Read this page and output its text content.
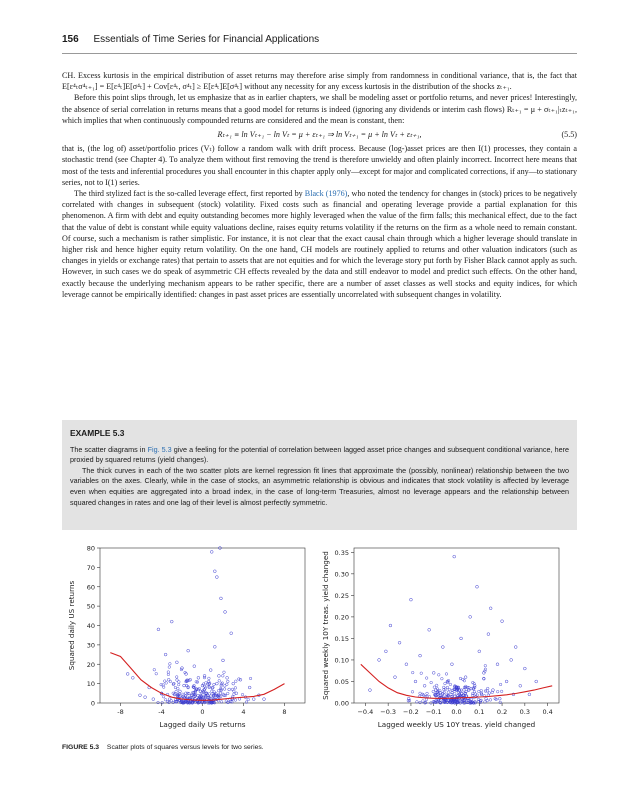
156 Essentials of Time Series for Financial Applications

CH. Excess kurtosis in the empirical distribution of asset returns may therefore arise simply from randomness in conditional variance, that is, the fact that E[ε⁴ₜσ⁴ₜ₊₁] = E[ε⁴ₜ]E[σ⁴ₜ] + Cov[ε⁴ₜ, σ⁴ₜ] ≥ E[ε⁴ₜ]E[σ⁴ₜ] without any necessity for any excess kurtosis in the distribution of the shocks zₜ₊₁.

Before this point slips through, let us emphasize that as in earlier chapters, we shall be modeling asset or portfolio returns, and never prices! Interestingly, the absence of serial correlation in returns means that a good model for returns is indeed (ignoring any dividends or interim cash flows) Rₜ₊₁ = μ + σₜ₊₁|ₜzₜ₊₁, which implies that when continuously compounded returns are considered and the mean is constant, then:

Rₜ₊₁ ≡ ln Vₜ₊₁ − ln Vₜ = μ + εₜ₊₁ ⇒ ln Vₜ₊₁ = μ + ln Vₜ + εₜ₊₁,	(5.5)

that is, (the log of) asset/portfolio prices (Vₜ) follow a random walk with drift process. Because (log-)asset prices are then I(1) processes, they contain a stochastic trend (see Chapter 4). To analyze them without first removing the trend is therefore unwieldy and often plainly incorrect. Incorrect here means that most of the tests and inferential procedures you shall encounter in this chapter apply only—except for major and complicated corrections, if any—to stationary series, not to I(1) series.

The third stylized fact is the so-called leverage effect, first reported by Black (1976), who noted the tendency for changes in (stock) prices to be negatively correlated with changes in subsequent (stock) volatility. Fixed costs such as financial and operating leverage provide a partial explanation for this phenomenon. A firm with debt and equity outstanding becomes more highly leveraged when the value of the firm falls; this mechanical effect, due to the fact that the value of debt is constant while equity valuations decline, raises equity returns volatility if the returns on the firm as a whole need to remain constant. Of course, such a mechanism is rather simplistic. For instance, it is not clear that the exact causal chain through which a higher leverage should translate in higher risk and hence higher equity return volatility. On the one hand, CH models are routinely applied to returns and other valuation indicators (such as changes in yields or exchange rates) that pertain to assets that are not equities and for which the leverage story put forth by Fisher Black cannot apply as such. However, in such cases we do speak of asymmetric CH effects revealed by the data and still endeavor to model and predict such effects. On the other hand, exactly because the underlying mechanism appears to be rather specific, there are a number of asset classes as well stocks and equity indices, for which leverage cannot be empirically identified: changes in past asset prices are essentially uncorrelated with subsequent changes in volatility.

EXAMPLE 5.3

The scatter diagrams in Fig. 5.3 give a feeling for the potential of correlation between lagged asset price changes and subsequent conditional variance, here proxied by squared returns (yield changes).

The thick curves in each of the two scatter plots are kernel regression fit lines that approximate the (possibly, nonlinear) relationship between the two variables on the axes. Clearly, while in the case of stocks, an asymmetric relationship is obvious and indicates that stock volatility is affected by leverage even when equities are aggregated into a broad index, in the case of long-term Treasuries, almost no leverage appears and the relationship between squared changes in rates and one lag of their level is almost perfectly symmetric.

0
10
20
30
40
50
60
70
80
-8	-4	0	4	8
Lagged daily US returns
Squared daily US returns
0.00
0.05
0.10
0.15
0.20
0.25
0.30
0.35
−0.4 −0.3 −0.2 −0.1 0.0 0.1 0.2 0.3 0.4
Lagged weekly US 10Y treas. yield changed
Squared weekly 10Y treas. yield changed
FIGURE 5.3 Scatter plots of squares versus levels for two series.
